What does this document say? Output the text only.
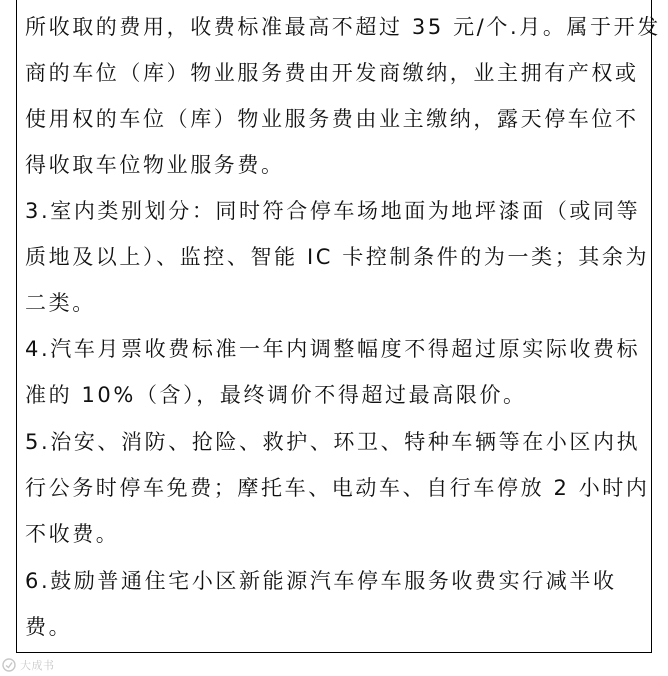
所收取的费用，收费标准最高不超过 35 元/个.月。属于开发
商的车位（库）物业服务费由开发商缴纳，业主拥有产权或
使用权的车位（库）物业服务费由业主缴纳，露天停车位不
得收取车位物业服务费。
3.室内类别划分：同时符合停车场地面为地坪漆面（或同等
质地及以上）、监控、智能 IC 卡控制条件的为一类；其余为
二类。
4.汽车月票收费标准一年内调整幅度不得超过原实际收费标
准的 10%（含），最终调价不得超过最高限价。
5.治安、消防、抢险、救护、环卫、特种车辆等在小区内执
行公务时停车免费；摩托车、电动车、自行车停放 2 小时内
不收费。
6.鼓励普通住宅小区新能源汽车停车服务收费实行减半收
费。
大成书
